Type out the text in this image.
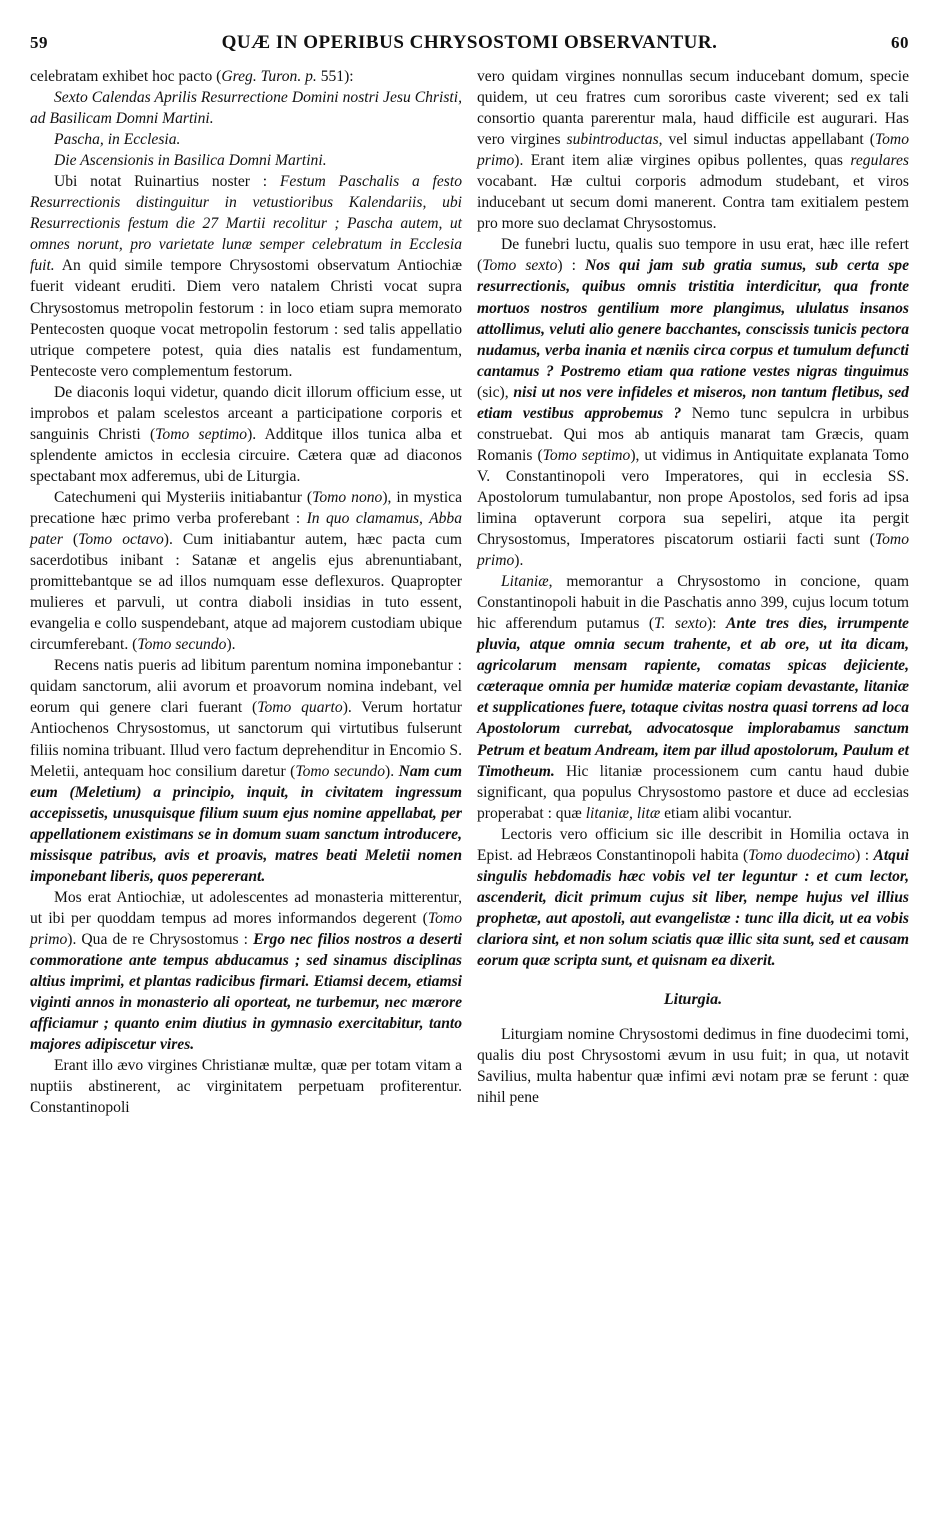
59	QUÆ IN OPERIBUS CHRYSOSTOMI OBSERVANTUR.	60

celebratam exhibet hoc pacto (Greg. Turon. p. 551):

Sexto Calendas Aprilis Resurrectione Domini nostri Jesu Christi, ad Basilicam Domni Martini.

Pascha, in Ecclesia.

Die Ascensionis in Basilica Domni Martini.

Ubi notat Ruinartius noster : Festum Paschalis a festo Resurrectionis distinguitur in vetustioribus Kalendariis, ubi Resurrectionis festum die 27 Martii recolitur ; Pascha autem, ut omnes norunt, pro varietate lunæ semper celebratum in Ecclesia fuit. An quid simile tempore Chrysostomi observatum Antiochiæ fuerit videant eruditi. Diem vero natalem Christi vocat supra Chrysostomus metropolin festorum : in loco etiam supra memorato Pentecosten quoque vocat metropolin festorum : sed talis appellatio utrique competere potest, quia dies natalis est fundamentum, Pentecoste vero complementum festorum.

De diaconis loqui videtur, quando dicit illorum officium esse, ut improbos et palam scelestos arceant a participatione corporis et sanguinis Christi (Tomo septimo). Additque illos tunica alba et splendente amictos in ecclesia circuire. Cætera quæ ad diaconos spectabant mox adferemus, ubi de Liturgia.

Catechumeni qui Mysteriis initiabantur (Tomo nono), in mystica precatione hæc primo verba proferebant : In quo clamamus, Abba pater (Tomo octavo). Cum initiabantur autem, hæc pacta cum sacerdotibus inibant : Satanæ et angelis ejus abrenuntiabant, promittebantque se ad illos numquam esse deflexuros. Quapropter mulieres et parvuli, ut contra diaboli insidias in tuto essent, evangelia e collo suspendebant, atque ad majorem custodiam ubique circumferebant. (Tomo secundo).

Recens natis pueris ad libitum parentum nomina imponebantur : quidam sanctorum, alii avorum et proavorum nomina indebant, vel eorum qui genere clari fuerant (Tomo quarto). Verum hortatur Antiochenos Chrysostomus, ut sanctorum qui virtutibus fulserunt filiis nomina tribuant. Illud vero factum deprehenditur in Encomio S. Meletii, antequam hoc consilium daretur (Tomo secundo). Nam cum eum (Meletium) a principio, inquit, in civitatem ingressum accepissetis, unusquisque filium suum ejus nomine appellabat, per appellationem existimans se in domum suam sanctum introducere, missisque patribus, avis et proavis, matres beati Meletii nomen imponebant liberis, quos pepererant.

Mos erat Antiochiæ, ut adolescentes ad monasteria mitterentur, ut ibi per quoddam tempus ad mores informandos degerent (Tomo primo). Qua de re Chrysostomus : Ergo nec filios nostros a deserti commoratione ante tempus abducamus ; sed sinamus disciplinas altius imprimi, et plantas radicibus firmari. Etiamsi decem, etiamsi viginti annos in monasterio ali oporteat, ne turbemur, nec mærore afficiamur ; quanto enim diutius in gymnasio exercitabitur, tanto majores adipiscetur vires.

Erant illo ævo virgines Christianæ multæ, quæ per totam vitam a nuptiis abstinerent, ac virginitatem perpetuam profiterentur. Constantinopoli

vero quidam virgines nonnullas secum inducebant domum, specie quidem, ut ceu fratres cum sororibus caste viverent; sed ex tali consortio quanta parerentur mala, haud difficile est augurari. Has vero virgines subintroductas, vel simul inductas appellabant (Tomo primo). Erant item aliæ virgines opibus pollentes, quas regulares vocabant. Hæ cultui corporis admodum studebant, et viros inducebant ut secum domi manerent. Contra tam exitialem pestem pro more suo declamat Chrysostomus.

De funebri luctu, qualis suo tempore in usu erat, hæc ille refert (Tomo sexto) : Nos qui jam sub gratia sumus, sub certa spe resurrectionis, quibus omnis tristitia interdicitur, qua fronte mortuos nostros gentilium more plangimus, ululatus insanos attollimus, veluti alio genere bacchantes, conscissis tunicis pectora nudamus, verba inania et næniis circa corpus et tumulum defuncti cantamus ? Postremo etiam qua ratione vestes nigras tinguimus (sic), nisi ut nos vere infideles et miseros, non tantum fletibus, sed etiam vestibus approbemus ? Nemo tunc sepulcra in urbibus construebat. Qui mos ab antiquis manarat tam Græcis, quam Romanis (Tomo septimo), ut vidimus in Antiquitate explanata Tomo V. Constantinopoli vero Imperatores, qui in ecclesia SS. Apostolorum tumulabantur, non prope Apostolos, sed foris ad ipsa limina optaverunt corpora sua sepeliri, atque ita pergit Chrysostomus, Imperatores piscatorum ostiarii facti sunt (Tomo primo).

Litaniæ, memorantur a Chrysostomo in concione, quam Constantinopoli habuit in die Paschatis anno 399, cujus locum totum hic afferendum putamus (T. sexto): Ante tres dies, irrumpente pluvia, atque omnia secum trahente, et ab ore, ut ita dicam, agricolarum mensam rapiente, comatas spicas dejiciente, cæteraque omnia per humidæ materiæ copiam devastante, litaniæ et supplicationes fuere, totaque civitas nostra quasi torrens ad loca Apostolorum currebat, advocatosque implorabamus sanctum Petrum et beatum Andream, item par illud apostolorum, Paulum et Timotheum. Hic litaniæ processionem cum cantu haud dubie significant, qua populus Chrysostomo pastore et duce ad ecclesias properabat : quæ litaniæ, litæ etiam alibi vocantur.

Lectoris vero officium sic ille describit in Homilia octava in Epist. ad Hebræos Constantinopoli habita (Tomo duodecimo) : Atqui singulis hebdomadis hæc vobis vel ter leguntur : et cum lector, ascenderit, dicit primum cujus sit liber, nempe hujus vel illius prophetæ, aut apostoli, aut evangelistæ : tunc illa dicit, ut ea vobis clariora sint, et non solum sciatis quæ illic sita sunt, sed et causam eorum quæ scripta sunt, et quisnam ea dixerit.

Liturgia.

Liturgiam nomine Chrysostomi dedimus in fine duodecimi tomi, qualis diu post Chrysostomi ævum in usu fuit; in qua, ut notavit Savilius, multa habentur quæ infimi ævi notam præ se ferunt : quæ nihil pene
